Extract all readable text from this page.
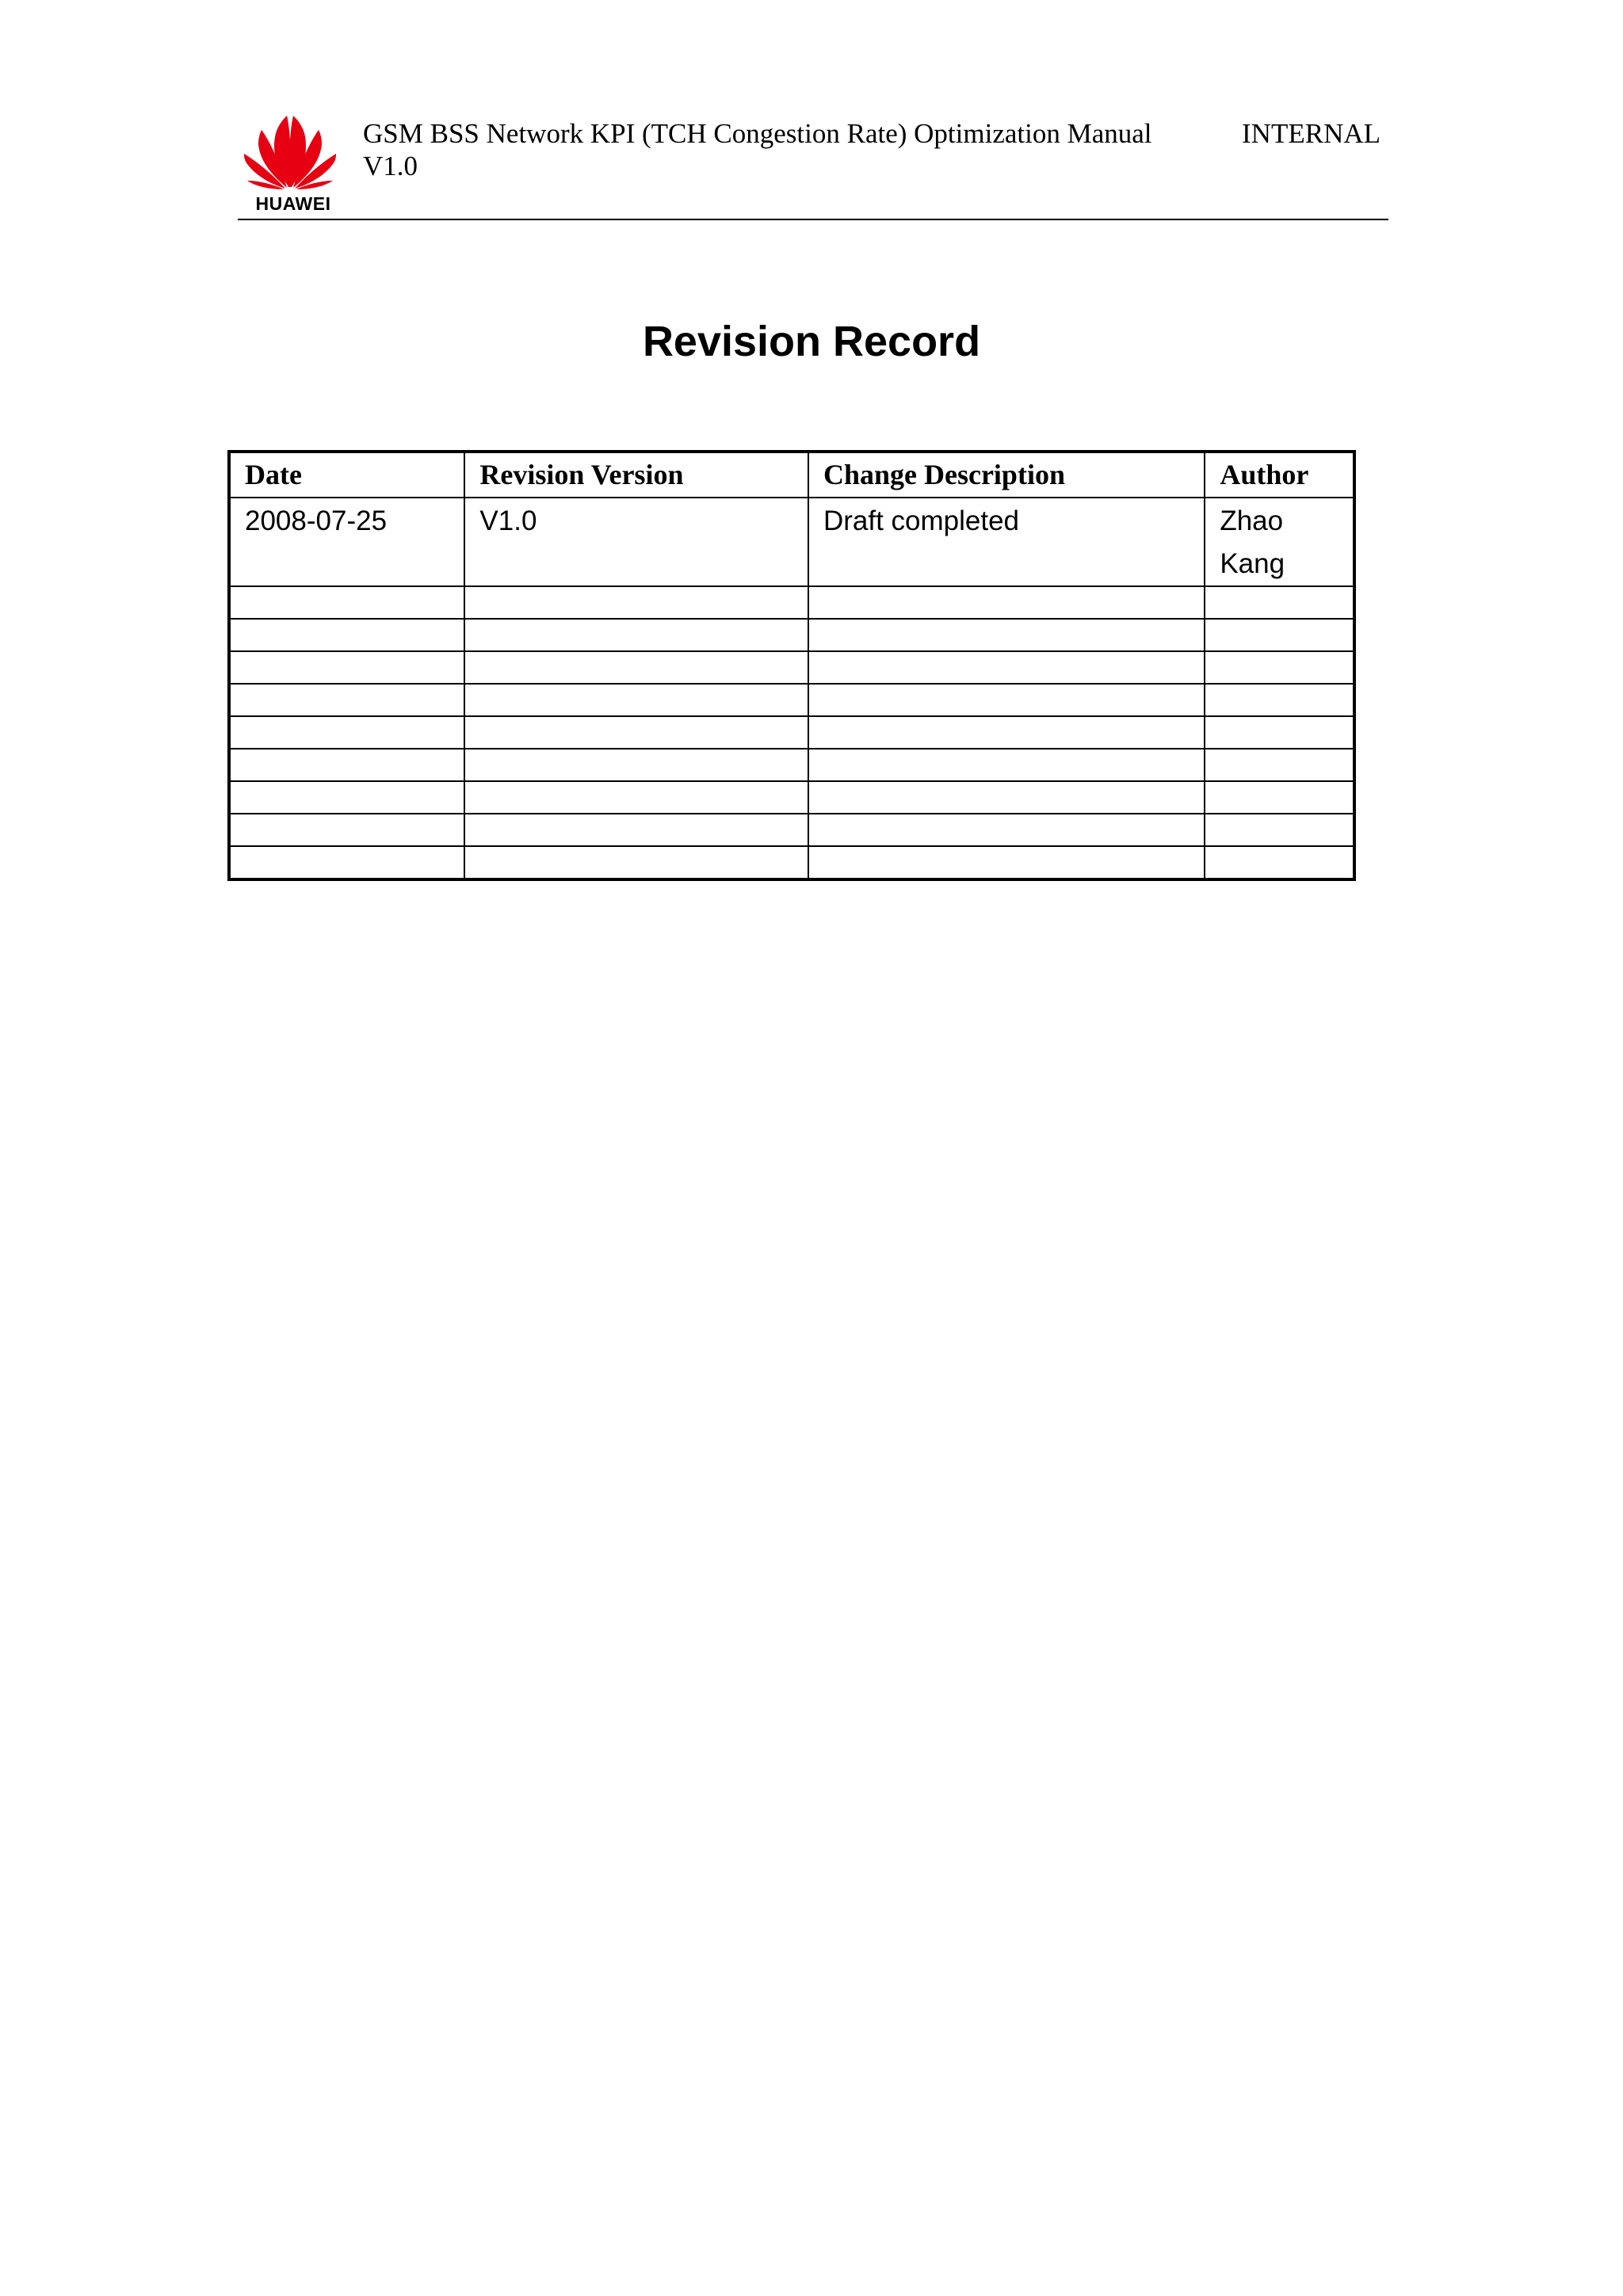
HUAWEI
GSM BSS Network KPI (TCH Congestion Rate) Optimization Manual V1.0
INTERNAL
Revision Record
Date	Revision Version	Change Description	Author
2008-07-25	V1.0	Draft completed	Zhao Kang
